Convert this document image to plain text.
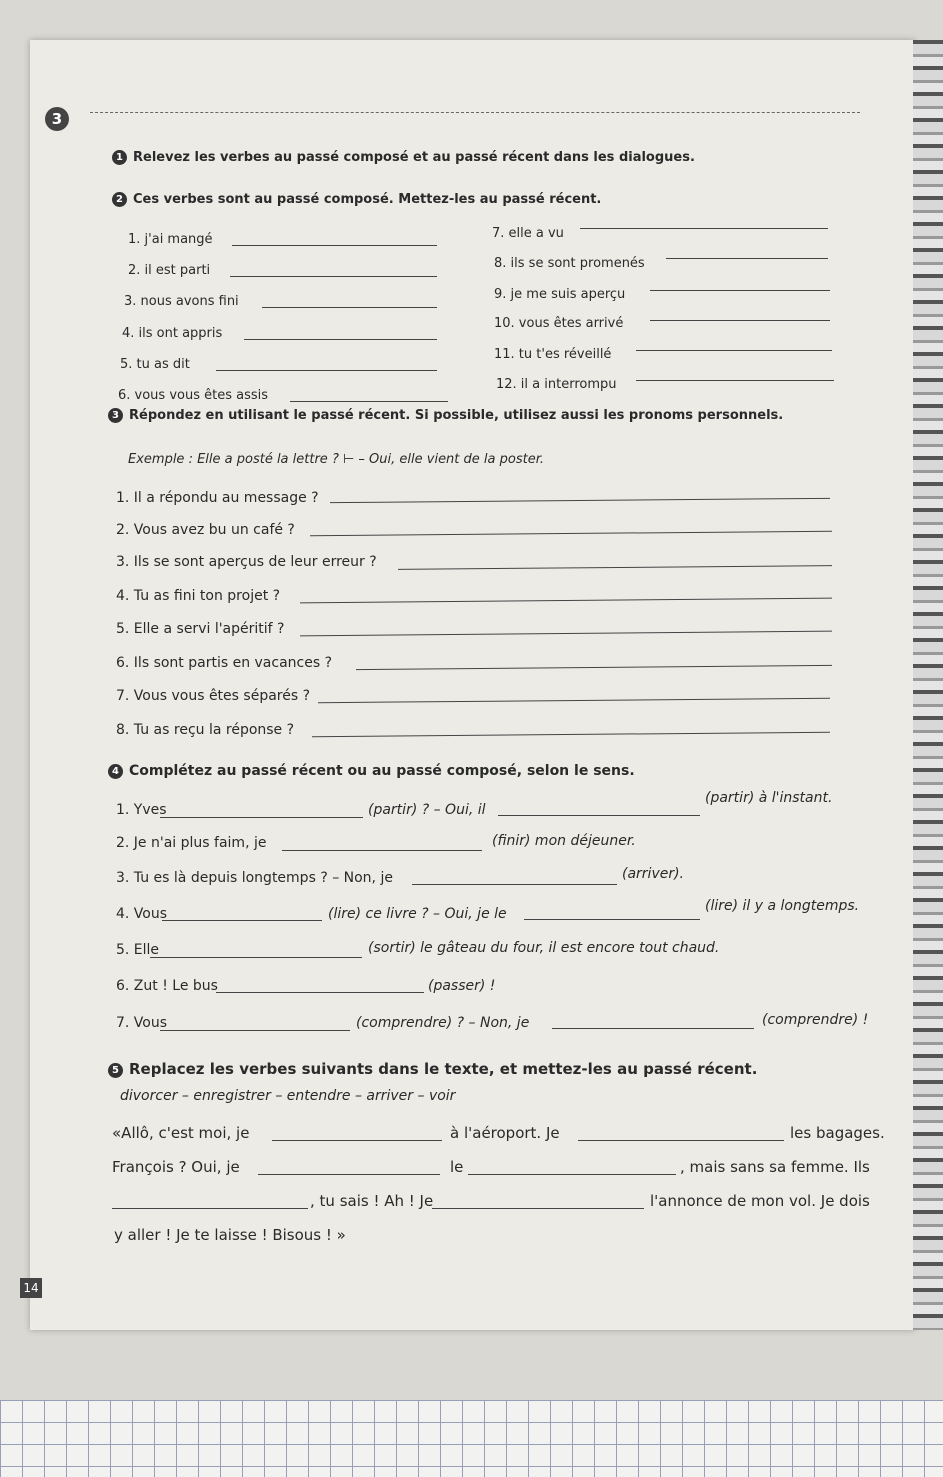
3
1 Relevez les verbes au passé composé et au passé récent dans les dialogues.
2 Ces verbes sont au passé composé. Mettez-les au passé récent.
1. j'ai mangé
2. il est parti
3. nous avons fini
4. ils ont appris
5. tu as dit
6. vous vous êtes assis
7. elle a vu
8. ils se sont promenés
9. je me suis aperçu
10. vous êtes arrivé
11. tu t'es réveillé
12. il a interrompu
3 Répondez en utilisant le passé récent. Si possible, utilisez aussi les pronoms personnels.
Exemple : Elle a posté la lettre ? ⊢ – Oui, elle vient de la poster.
1. Il a répondu au message ?
2. Vous avez bu un café ?
3. Ils se sont aperçus de leur erreur ?
4. Tu as fini ton projet ?
5. Elle a servi l'apéritif ?
6. Ils sont partis en vacances ?
7. Vous vous êtes séparés ?
8. Tu as reçu la réponse ?
4 Complétez au passé récent ou au passé composé, selon le sens.
1. Yves	(partir) ? – Oui, il
(partir) à l'instant.
2. Je n'ai plus faim, je	(finir) mon déjeuner.
3. Tu es là depuis longtemps ? – Non, je	(arriver).
4. Vous	(lire) ce livre ? – Oui, je le	(lire) il y a longtemps.
5. Elle	(sortir) le gâteau du four, il est encore tout chaud.
6. Zut ! Le bus	(passer) !
7. Vous	(comprendre) ? – Non, je	(comprendre) !
5 Replacez les verbes suivants dans le texte, et mettez-les au passé récent.
divorcer – enregistrer – entendre – arriver – voir
«Allô, c'est moi, je	à l'aéroport. Je	les bagages.
François ? Oui, je	le	, mais sans sa femme. Ils
, tu sais ! Ah ! Je	l'annonce de mon vol. Je dois
y aller ! Je te laisse ! Bisous ! »
14
